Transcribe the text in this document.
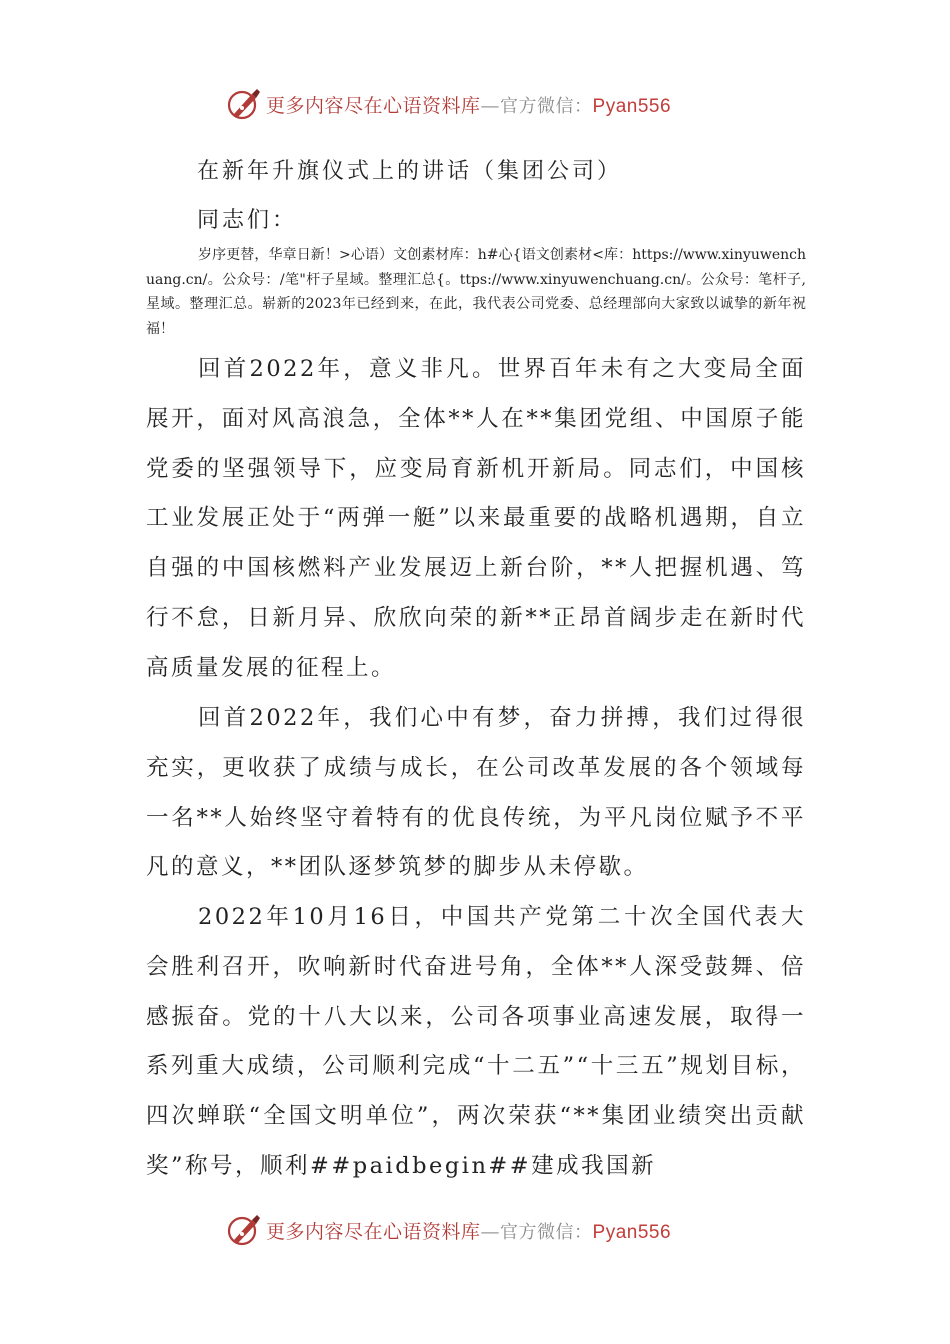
更多内容尽在心语资料库—官方微信：Pyan556
在新年升旗仪式上的讲话（集团公司）
同志们：
岁序更替，华章日新！>心语）文创素材库：h#心{语文创素材<库：https://www.xinyuwenchuang.cn/。公众号：/笔"杆子星域。整理汇总{。ttps://www.xinyuwenchuang.cn/。公众号：笔杆子,星域。整理汇总。崭新的2023年已经到来，在此，我代表公司党委、总经理部向大家致以诚挚的新年祝福！

回首2022年，意义非凡。世界百年未有之大变局全面展开，面对风高浪急，全体**人在**集团党组、中国原子能党委的坚强领导下，应变局育新机开新局。同志们，中国核工业发展正处于“两弹一艇”以来最重要的战略机遇期，自立自强的中国核燃料产业发展迈上新台阶，**人把握机遇、笃行不怠，日新月异、欣欣向荣的新**正昂首阔步走在新时代高质量发展的征程上。

回首2022年，我们心中有梦，奋力拼搏，我们过得很充实，更收获了成绩与成长，在公司改革发展的各个领域每一名**人始终坚守着特有的优良传统，为平凡岗位赋予不平凡的意义，**团队逐梦筑梦的脚步从未停歇。

2022年10月16日，中国共产党第二十次全国代表大会胜利召开，吹响新时代奋进号角，全体**人深受鼓舞、倍感振奋。党的十八大以来，公司各项事业高速发展，取得一系列重大成绩，公司顺利完成“十二五”“十三五”规划目标，四次蝉联“全国文明单位”，两次荣获“**集团业绩突出贡献奖”称号，顺利##paidbegin##建成我国新

更多内容尽在心语资料库—官方微信：Pyan556
